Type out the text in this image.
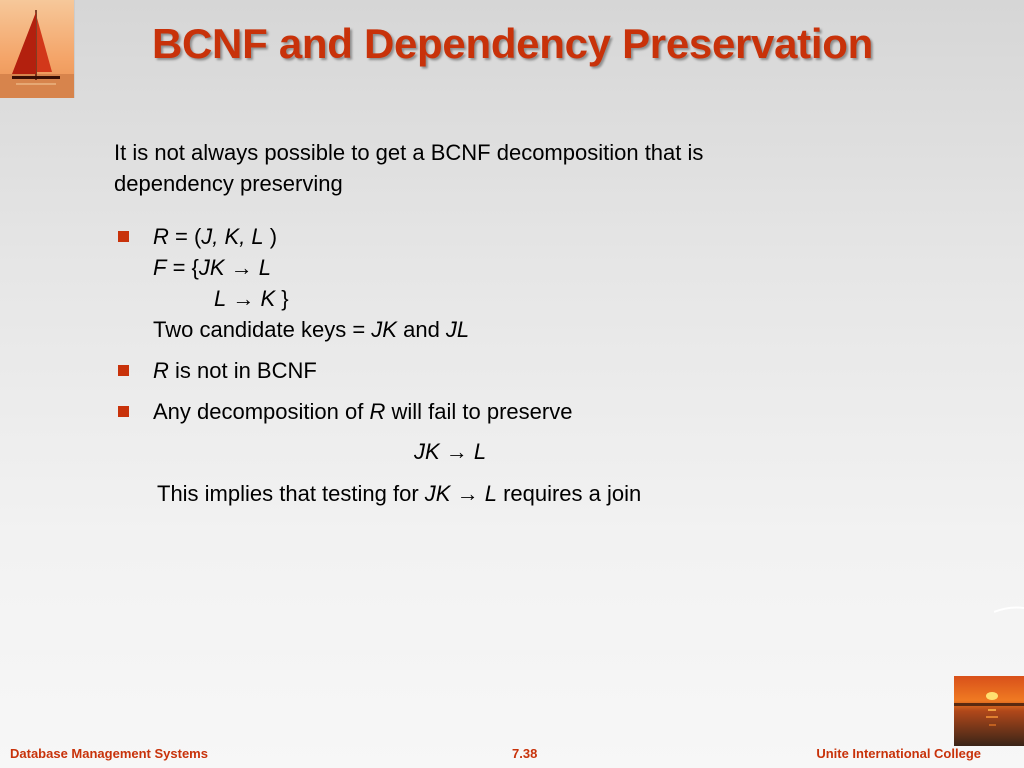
BCNF and Dependency Preservation
It is not always possible to get a BCNF decomposition that is dependency preserving
R = (J, K, L )
F = {JK → L
L → K }
Two candidate keys = JK and JL
R is not in BCNF
Any decomposition of R will fail to preserve
JK → L
This implies that testing for JK → L requires a join
Database Management Systems	7.38	Unite International College
